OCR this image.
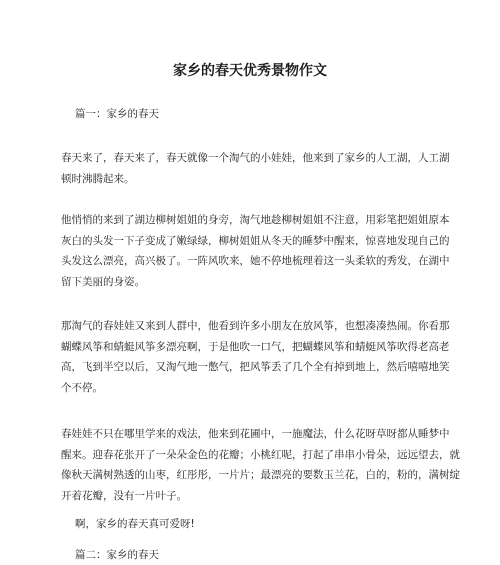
家乡的春天优秀景物作文

篇一：家乡的春天

春天来了，春天来了，春天就像一个淘气的小娃娃，他来到了家乡的人工湖，人工湖
顿时沸腾起来。
他悄悄的来到了湖边柳树姐姐的身旁，淘气地趁柳树姐姐不注意，用彩笔把姐姐原本
灰白的头发一下子变成了嫩绿绿，柳树姐姐从冬天的睡梦中醒来，惊喜地发现自己的
头发这么漂亮，高兴极了。一阵风吹来，她不停地梳理着这一头柔软的秀发，在湖中
留下美丽的身姿。
那淘气的春娃娃又来到人群中，他看到许多小朋友在放风筝，也想凑凑热闹。你看那
蝴蝶风筝和蜻蜓风筝多漂亮啊，于是他吹一口气，把蝴蝶风筝和蜻蜓风筝吹得老高老
高，飞到半空以后，又淘气地一憋气，把风筝丢了几个全有掉到地上，然后嘻嘻地笑
个不停。
春娃娃不只在哪里学来的戏法，他来到花圃中，一施魔法，什么花呀草呀都从睡梦中
醒来。迎春花张开了一朵朵金色的花瓣；小桃红呢，打起了串串小骨朵，远远望去，就
像秋天满树熟透的山枣，红彤彤，一片片；最漂亮的要数玉兰花，白的，粉的，满树绽
开着花瓣，没有一片叶子。

啊，家乡的春天真可爱呀!

篇二：家乡的春天
